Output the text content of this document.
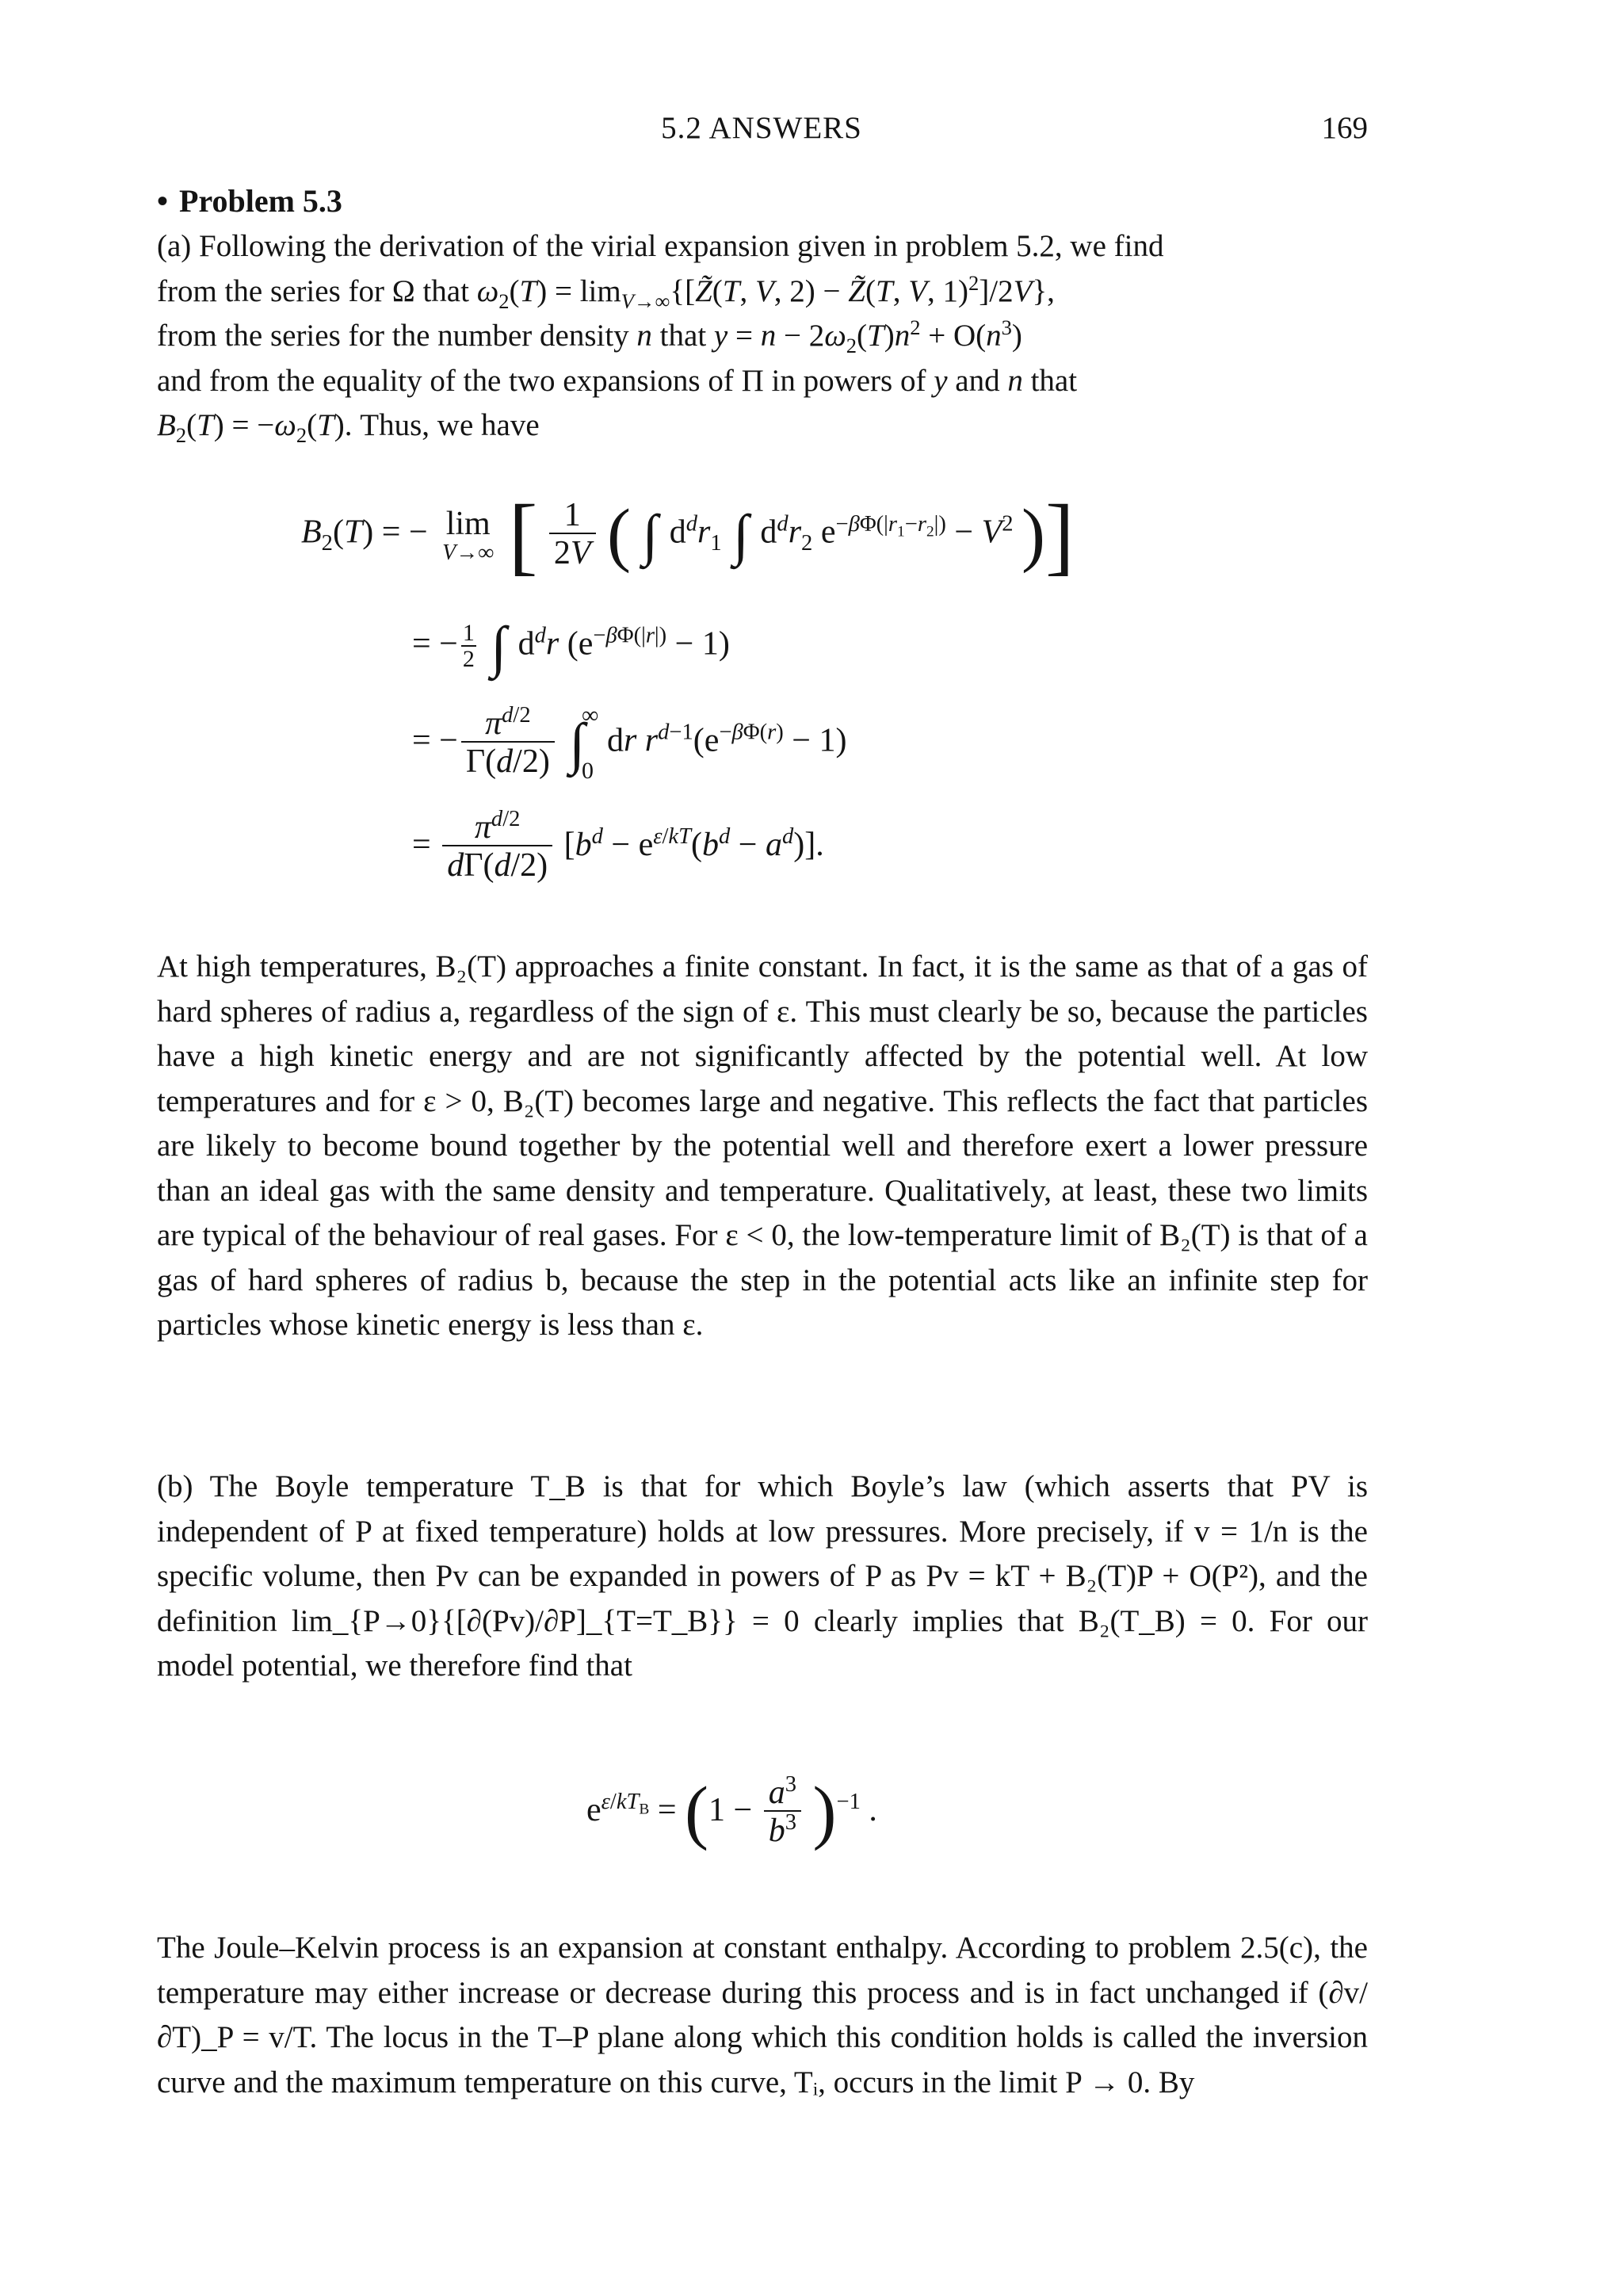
5.2 ANSWERS	169
• Problem 5.3

(a) Following the derivation of the virial expansion given in problem 5.2, we find

from the series for Ω that $\omega_2(T)$ = $\lim_{V\to\infty}\{[Z̃(T$, V, 2) − Z̃(T, V, 1)$^2$]/2V},

from the series for the number density n that $y = n - 2\omega_2(T)n^2 + O(n^3)$

and from the equality of the two expansions of Π in powers of y and n that

$B_2(T) = -\omega_2(T)$. Thus, we have

$B_2(T)$ = − lim
V→∞ [ $\frac{1}{2V}$ ( ∫ $d^dr_1$ ∫ $d^dr_2$ $e^{-\beta\Phi(|r_1-r_2|)} - V^2$ )]
= − $\frac{1}{2}$ ∫ $d^dr$ $(e^{-\beta\Phi(|r|)} - 1)$
= − $\frac{\pi^{d/2}}{\Gamma(d/2)}$ ∫
∞
0
dr $r^{d-1}(e^{-\beta\Phi(r)} - 1)$
= $\frac{\pi^{d/2}}{d\Gamma(d/2)} [b^d - e^{\varepsilon/kT}(b^d - a^d)]$.

At high temperatures, B₂(T) approaches a finite constant. In fact, it is the same as that of a gas of hard spheres of radius a, regardless of the sign of ε. This must clearly be so, because the particles have a high kinetic energy and are not significantly affected by the potential well. At low temperatures and for ε > 0, B₂(T) becomes large and negative. This reflects the fact that particles are likely to become bound together by the potential well and therefore exert a lower pressure than an ideal gas with the same density and temperature. Qualitatively, at least, these two limits are typical of the behaviour of real gases. For ε < 0, the low-temperature limit of B₂(T) is that of a gas of hard spheres of radius b, because the step in the potential acts like an infinite step for particles whose kinetic energy is less than ε.

(b) The Boyle temperature T_B is that for which Boyle’s law (which asserts that PV is independent of P at fixed temperature) holds at low pressures. More precisely, if v = 1/n is the specific volume, then Pv can be expanded in powers of P as Pv = kT + B₂(T)P + O(P²), and the definition lim_{P→0}{[∂(Pv)/∂P]_{T=T_B}} = 0 clearly implies that B₂(T_B) = 0. For our model potential, we therefore find that

$e^{\varepsilon/kT_B} = (1 - \frac{a^3}{b^3} )^{-1}$ .

The Joule–Kelvin process is an expansion at constant enthalpy. According to problem 2.5(c), the temperature may either increase or decrease during this process and is in fact unchanged if (∂v/∂T)_P = v/T. The locus in the T–P plane along which this condition holds is called the inversion curve and the maximum temperature on this curve, Tᵢ, occurs in the limit P → 0. By
